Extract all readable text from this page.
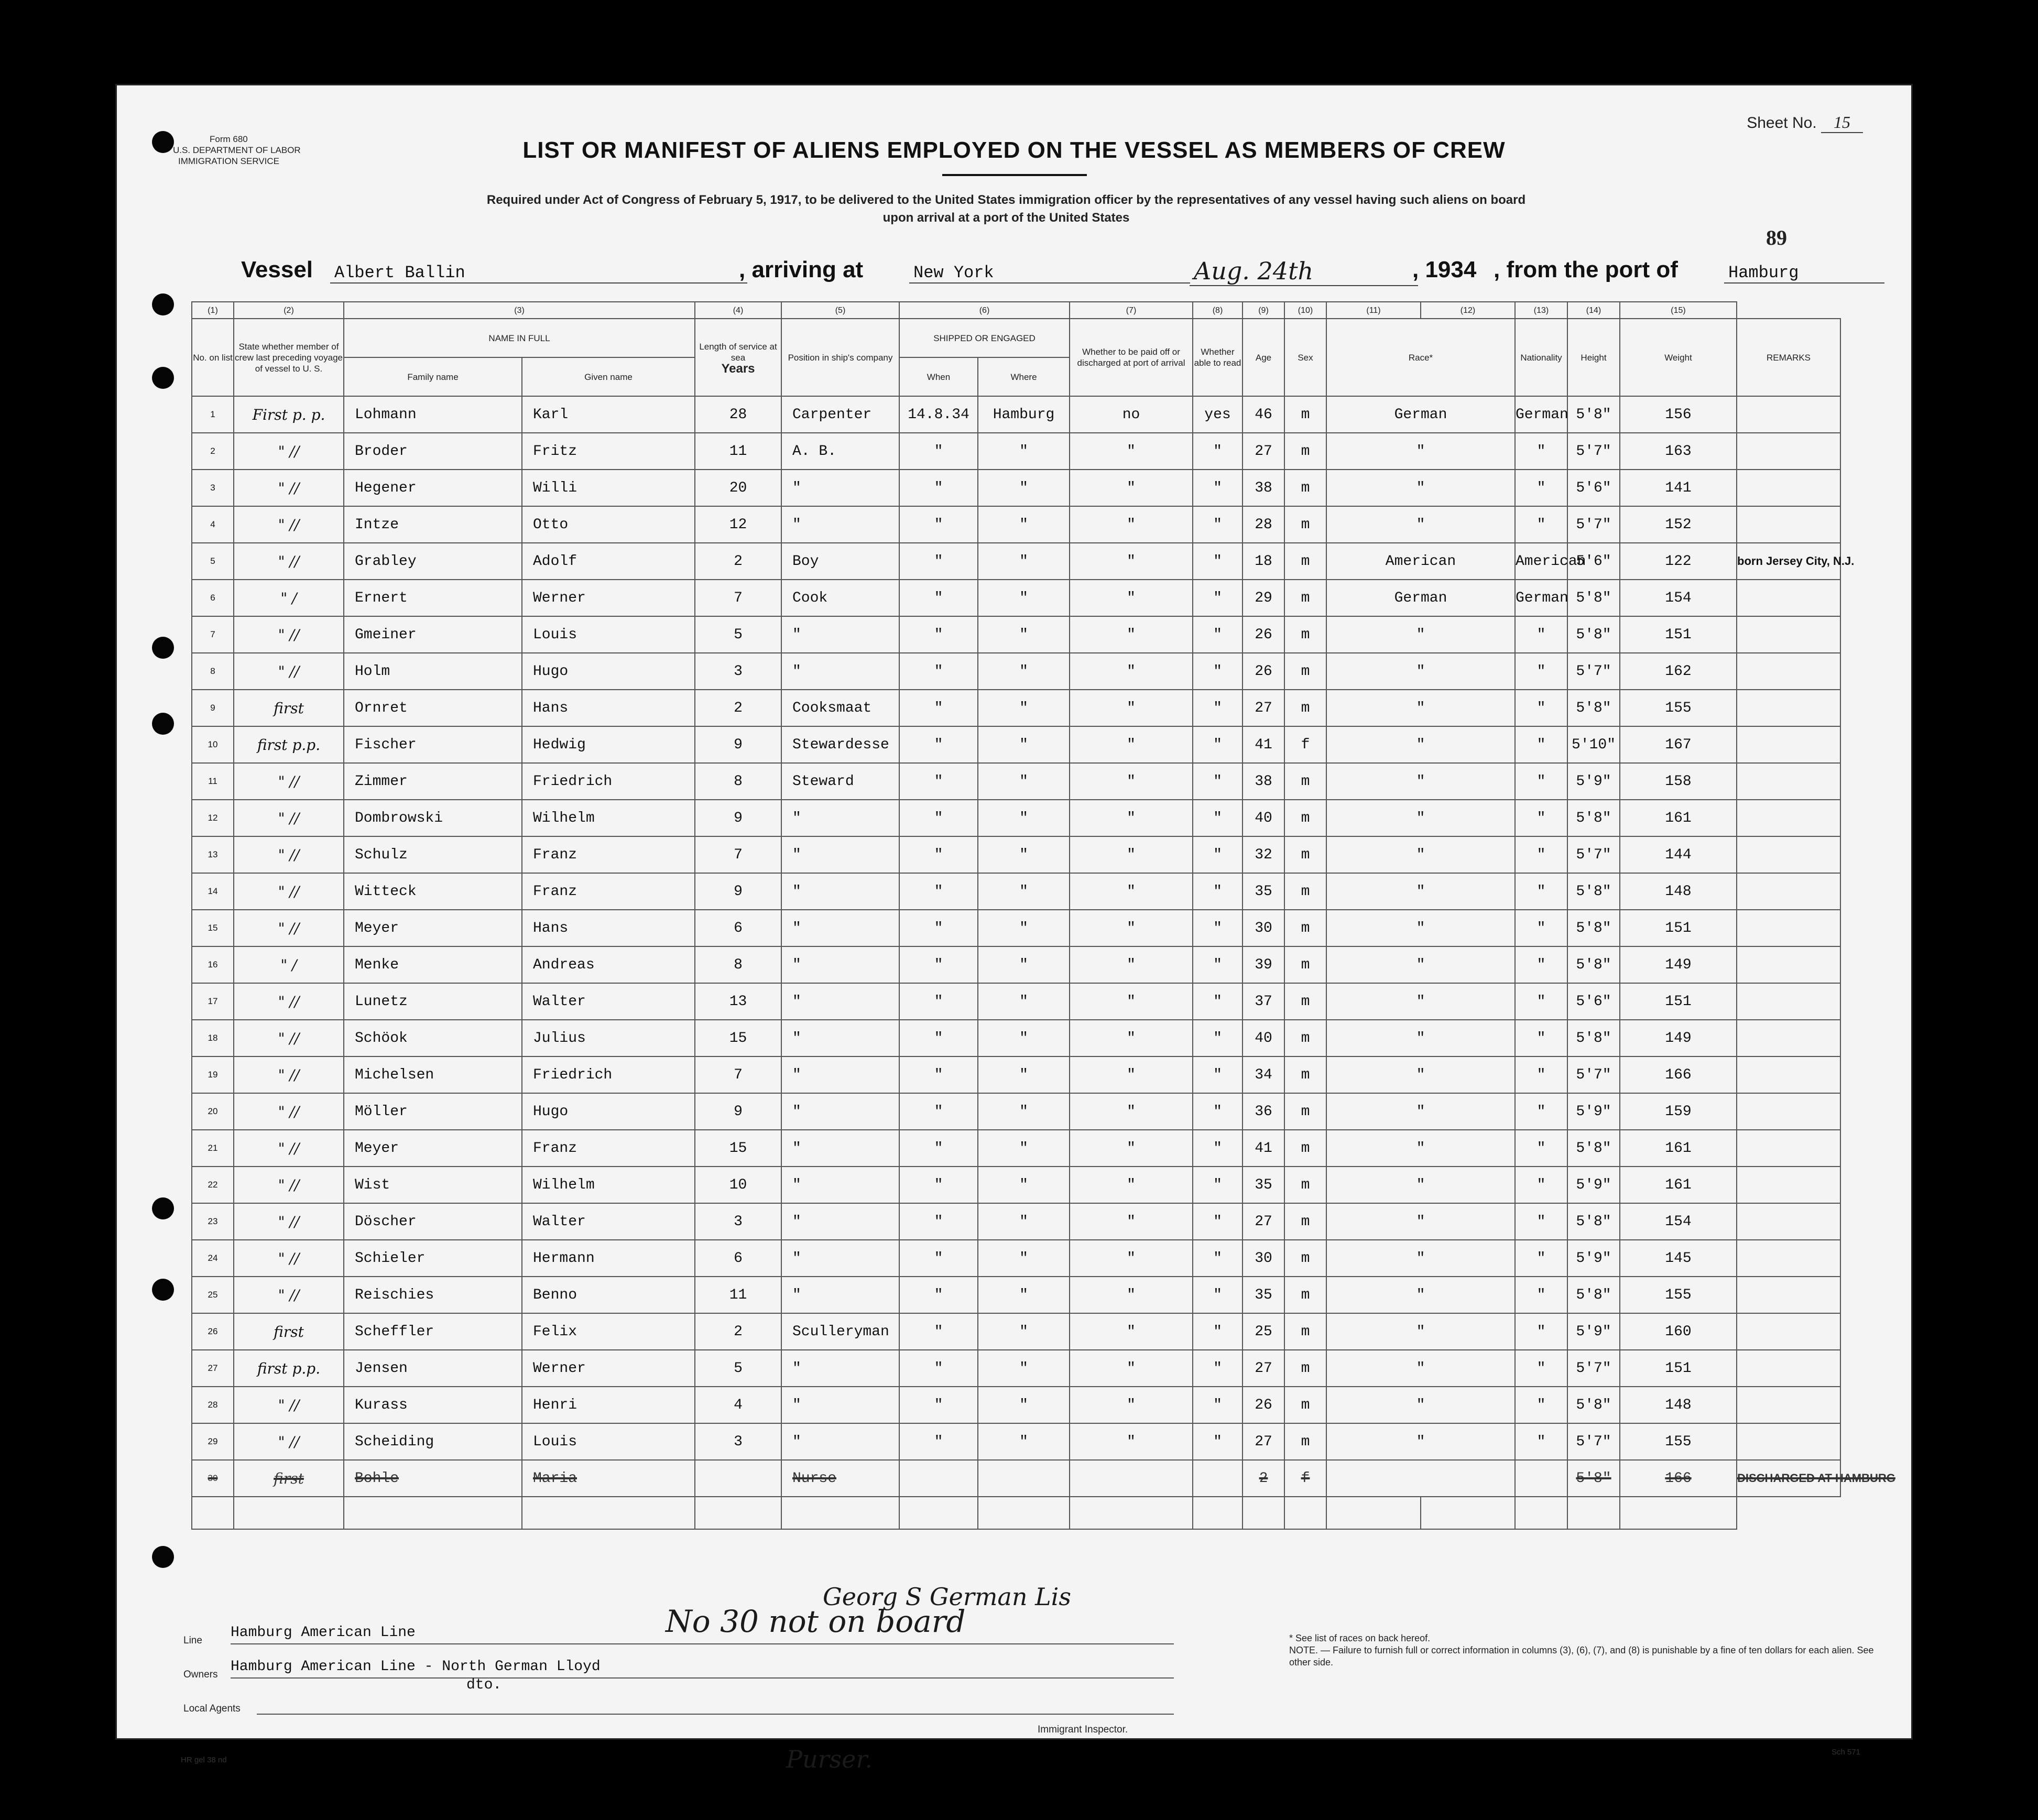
Form 680
U.S. DEPARTMENT OF LABOR
IMMIGRATION SERVICE
Sheet No. 15
LIST OR MANIFEST OF ALIENS EMPLOYED ON THE VESSEL AS MEMBERS OF CREW
Required under Act of Congress of February 5, 1917, to be delivered to the United States immigration officer by the representatives of any vessel having such aliens on board
upon arrival at a port of the United States
89
Vessel Albert Ballin	, arriving at	New York	Aug. 24th	, 1934 , from the port of	Hamburg
(1)	(2)	(3)		(4)	(5)	(6)		(7)	(8)	(9)	(10)	(11)	(12)	(13)	(14)	(15)	
No. on list	State whether member of crew last preceding voyage of vessel to U. S.	NAME IN FULL		Length of service at sea
Years	Position in ship's company	SHIPPED OR ENGAGED		Whether to be paid off or discharged at port of arrival	Whether able to read	Age	Sex	Race*		Nationality	Height	Weight		REMARKS
		Family name	Given name			When	Where										
1	First p. p.	Lohmann	Karl	28	Carpenter	14.8.34	Hamburg	no	yes	46	m	German		German	5'8"	156		
2	" //	Broder	Fritz	11	A. B.	"	"	"	"	27	m	"		"	5'7"	163		
3	" //	Hegener	Willi	20	"	"	"	"	"	38	m	"		"	5'6"	141		
4	" //	Intze	Otto	12	"	"	"	"	"	28	m	"		"	5'7"	152		
5	" //	Grabley	Adolf	2	Boy	"	"	"	"	18	m	American		American	5'6"	122		born Jersey City, N.J.
6	" /	Ernert	Werner	7	Cook	"	"	"	"	29	m	German		German	5'8"	154		
7	" //	Gmeiner	Louis	5	"	"	"	"	"	26	m	"		"	5'8"	151		
8	" //	Holm	Hugo	3	"	"	"	"	"	26	m	"		"	5'7"	162		
9	first	Ornret	Hans	2	Cooksmaat	"	"	"	"	27	m	"		"	5'8"	155		
10	first p.p.	Fischer	Hedwig	9	Stewardesse	"	"	"	"	41	f	"		"	5'10"	167		
11	" //	Zimmer	Friedrich	8	Steward	"	"	"	"	38	m	"		"	5'9"	158		
12	" //	Dombrowski	Wilhelm	9	"	"	"	"	"	40	m	"		"	5'8"	161		
13	" //	Schulz	Franz	7	"	"	"	"	"	32	m	"		"	5'7"	144		
14	" //	Witteck	Franz	9	"	"	"	"	"	35	m	"		"	5'8"	148		
15	" //	Meyer	Hans	6	"	"	"	"	"	30	m	"		"	5'8"	151		
16	" /	Menke	Andreas	8	"	"	"	"	"	39	m	"		"	5'8"	149		
17	" //	Lunetz	Walter	13	"	"	"	"	"	37	m	"		"	5'6"	151		
18	" //	Schöok	Julius	15	"	"	"	"	"	40	m	"		"	5'8"	149		
19	" //	Michelsen	Friedrich	7	"	"	"	"	"	34	m	"		"	5'7"	166		
20	" //	Möller	Hugo	9	"	"	"	"	"	36	m	"		"	5'9"	159		
21	" //	Meyer	Franz	15	"	"	"	"	"	41	m	"		"	5'8"	161		
22	" //	Wist	Wilhelm	10	"	"	"	"	"	35	m	"		"	5'9"	161		
23	" //	Döscher	Walter	3	"	"	"	"	"	27	m	"		"	5'8"	154		
24	" //	Schieler	Hermann	6	"	"	"	"	"	30	m	"		"	5'9"	145		
25	" //	Reischies	Benno	11	"	"	"	"	"	35	m	"		"	5'8"	155		
26	first	Scheffler	Felix	2	Sculleryman	"	"	"	"	25	m	"		"	5'9"	160		
27	first p.p.	Jensen	Werner	5	"	"	"	"	"	27	m	"		"	5'7"	151		
28	" //	Kurass	Henri	4	"	"	"	"	"	26	m	"		"	5'8"	148		
29	" //	Scheiding	Louis	3	"	"	"	"	"	27	m	"		"	5'7"	155		
30	first	Bohle	Maria		Nurse					2	f				5'8"	166		DISCHARGED AT HAMBURG

Line Hamburg American Line
Owners Hamburg American Line - North German Lloyd
dto.
Local Agents
Georg S German Lis
No 30 not on board
Purser.
Immigrant Inspector.
* See list of races on back hereof.
NOTE. — Failure to furnish full or correct information in columns (3), (6), (7), and (8) is punishable by a fine of ten dollars for each alien. See other side.
HR gel 38 nd
Sch 571
